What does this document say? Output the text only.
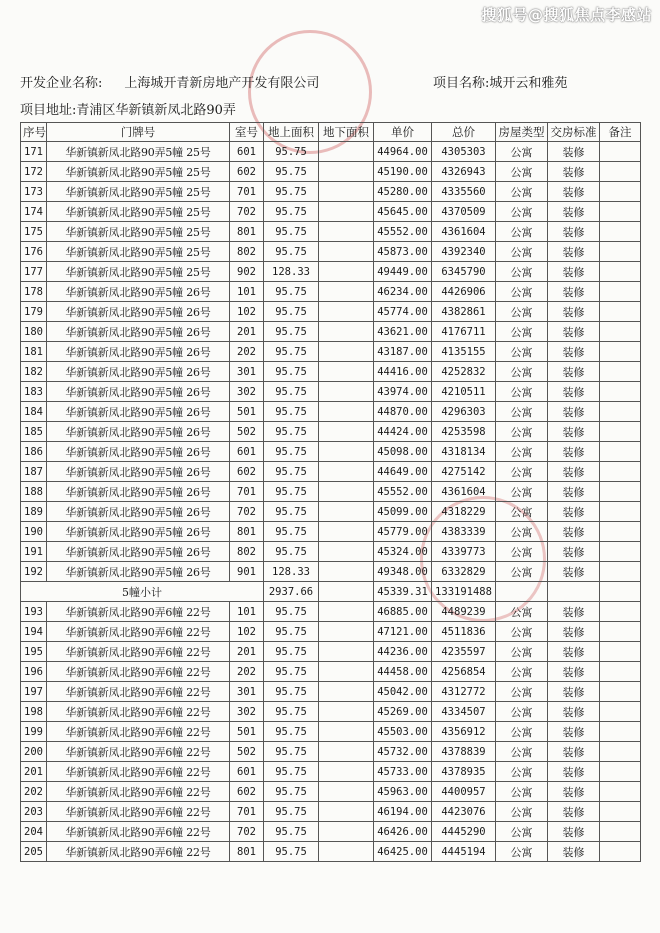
搜狐号@搜狐焦点李感站
开发企业名称: 上海城开青新房地产开发有限公司	项目名称:城开云和雅苑
项目地址:青浦区华新镇新凤北路90弄
序号	门牌号	室号	地上面积	地下面积	单价	总价	房屋类型	交房标准	备注
171	华新镇新凤北路90弄5幢 25号	601	95.75		44964.00	4305303	公寓	装修	
172	华新镇新凤北路90弄5幢 25号	602	95.75		45190.00	4326943	公寓	装修	
173	华新镇新凤北路90弄5幢 25号	701	95.75		45280.00	4335560	公寓	装修	
174	华新镇新凤北路90弄5幢 25号	702	95.75		45645.00	4370509	公寓	装修	
175	华新镇新凤北路90弄5幢 25号	801	95.75		45552.00	4361604	公寓	装修	
176	华新镇新凤北路90弄5幢 25号	802	95.75		45873.00	4392340	公寓	装修	
177	华新镇新凤北路90弄5幢 25号	902	128.33		49449.00	6345790	公寓	装修	
178	华新镇新凤北路90弄5幢 26号	101	95.75		46234.00	4426906	公寓	装修	
179	华新镇新凤北路90弄5幢 26号	102	95.75		45774.00	4382861	公寓	装修	
180	华新镇新凤北路90弄5幢 26号	201	95.75		43621.00	4176711	公寓	装修	
181	华新镇新凤北路90弄5幢 26号	202	95.75		43187.00	4135155	公寓	装修	
182	华新镇新凤北路90弄5幢 26号	301	95.75		44416.00	4252832	公寓	装修	
183	华新镇新凤北路90弄5幢 26号	302	95.75		43974.00	4210511	公寓	装修	
184	华新镇新凤北路90弄5幢 26号	501	95.75		44870.00	4296303	公寓	装修	
185	华新镇新凤北路90弄5幢 26号	502	95.75		44424.00	4253598	公寓	装修	
186	华新镇新凤北路90弄5幢 26号	601	95.75		45098.00	4318134	公寓	装修	
187	华新镇新凤北路90弄5幢 26号	602	95.75		44649.00	4275142	公寓	装修	
188	华新镇新凤北路90弄5幢 26号	701	95.75		45552.00	4361604	公寓	装修	
189	华新镇新凤北路90弄5幢 26号	702	95.75		45099.00	4318229	公寓	装修	
190	华新镇新凤北路90弄5幢 26号	801	95.75		45779.00	4383339	公寓	装修	
191	华新镇新凤北路90弄5幢 26号	802	95.75		45324.00	4339773	公寓	装修	
192	华新镇新凤北路90弄5幢 26号	901	128.33		49348.00	6332829	公寓	装修	
5幢小计			2937.66		45339.31	133191488			
193	华新镇新凤北路90弄6幢 22号	101	95.75		46885.00	4489239	公寓	装修	
194	华新镇新凤北路90弄6幢 22号	102	95.75		47121.00	4511836	公寓	装修	
195	华新镇新凤北路90弄6幢 22号	201	95.75		44236.00	4235597	公寓	装修	
196	华新镇新凤北路90弄6幢 22号	202	95.75		44458.00	4256854	公寓	装修	
197	华新镇新凤北路90弄6幢 22号	301	95.75		45042.00	4312772	公寓	装修	
198	华新镇新凤北路90弄6幢 22号	302	95.75		45269.00	4334507	公寓	装修	
199	华新镇新凤北路90弄6幢 22号	501	95.75		45503.00	4356912	公寓	装修	
200	华新镇新凤北路90弄6幢 22号	502	95.75		45732.00	4378839	公寓	装修	
201	华新镇新凤北路90弄6幢 22号	601	95.75		45733.00	4378935	公寓	装修	
202	华新镇新凤北路90弄6幢 22号	602	95.75		45963.00	4400957	公寓	装修	
203	华新镇新凤北路90弄6幢 22号	701	95.75		46194.00	4423076	公寓	装修	
204	华新镇新凤北路90弄6幢 22号	702	95.75		46426.00	4445290	公寓	装修	
205	华新镇新凤北路90弄6幢 22号	801	95.75		46425.00	4445194	公寓	装修	
